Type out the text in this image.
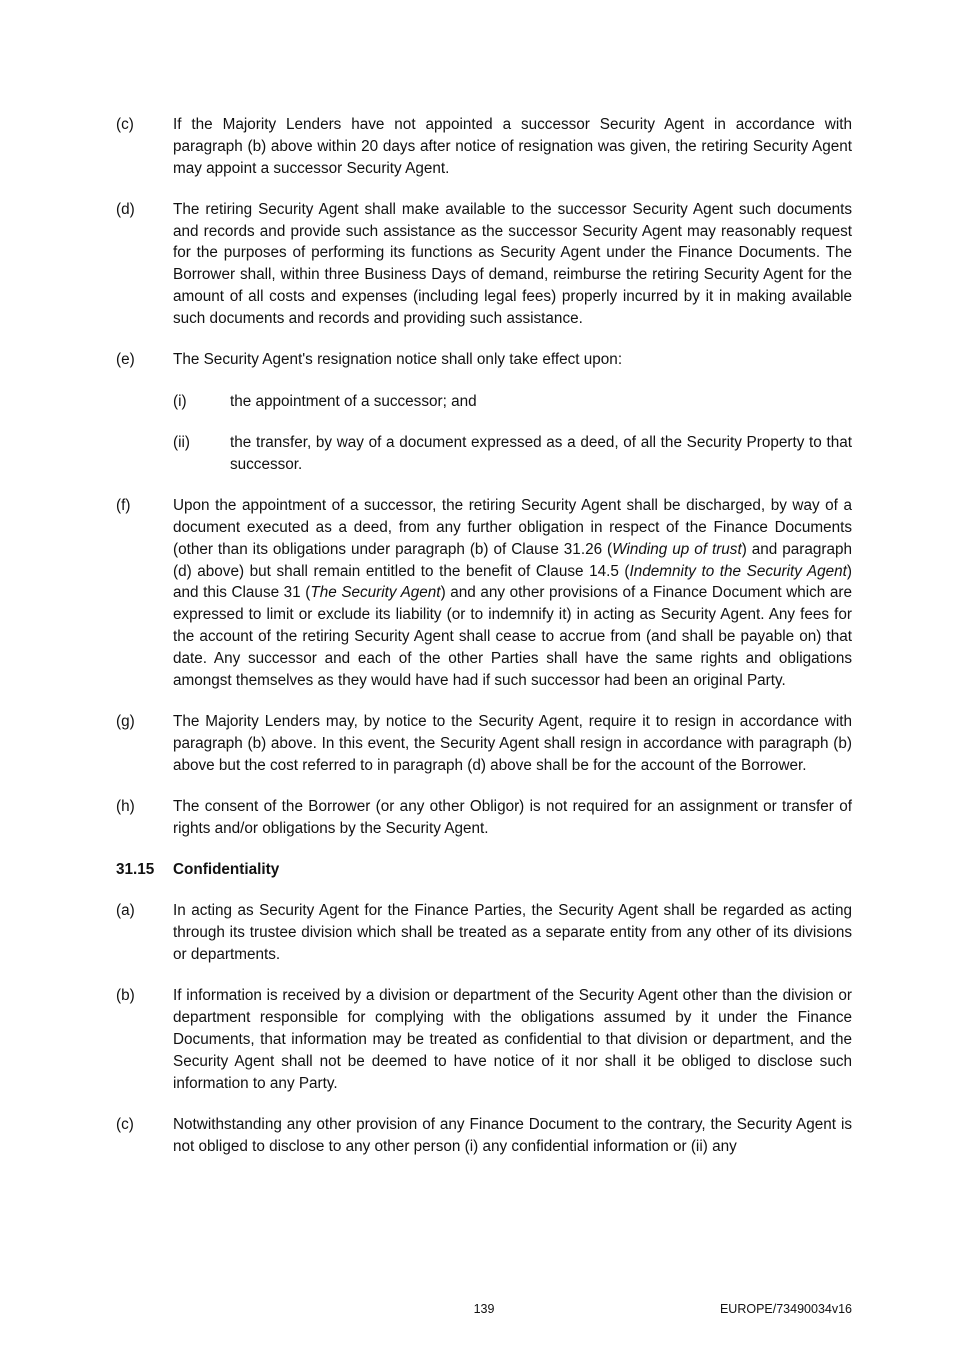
(c)	If the Majority Lenders have not appointed a successor Security Agent in accordance with paragraph (b) above within 20 days after notice of resignation was given, the retiring Security Agent may appoint a successor Security Agent.
(d)	The retiring Security Agent shall make available to the successor Security Agent such documents and records and provide such assistance as the successor Security Agent may reasonably request for the purposes of performing its functions as Security Agent under the Finance Documents. The Borrower shall, within three Business Days of demand, reimburse the retiring Security Agent for the amount of all costs and expenses (including legal fees) properly incurred by it in making available such documents and records and providing such assistance.
(e)	The Security Agent's resignation notice shall only take effect upon:
(i)	the appointment of a successor; and
(ii)	the transfer, by way of a document expressed as a deed, of all the Security Property to that successor.
(f)	Upon the appointment of a successor, the retiring Security Agent shall be discharged, by way of a document executed as a deed, from any further obligation in respect of the Finance Documents (other than its obligations under paragraph (b) of Clause 31.26 (Winding up of trust) and paragraph (d) above) but shall remain entitled to the benefit of Clause 14.5 (Indemnity to the Security Agent) and this Clause 31 (The Security Agent) and any other provisions of a Finance Document which are expressed to limit or exclude its liability (or to indemnify it) in acting as Security Agent. Any fees for the account of the retiring Security Agent shall cease to accrue from (and shall be payable on) that date. Any successor and each of the other Parties shall have the same rights and obligations amongst themselves as they would have had if such successor had been an original Party.
(g)	The Majority Lenders may, by notice to the Security Agent, require it to resign in accordance with paragraph (b) above. In this event, the Security Agent shall resign in accordance with paragraph (b) above but the cost referred to in paragraph (d) above shall be for the account of the Borrower.
(h)	The consent of the Borrower (or any other Obligor) is not required for an assignment or transfer of rights and/or obligations by the Security Agent.
31.15	Confidentiality
(a)	In acting as Security Agent for the Finance Parties, the Security Agent shall be regarded as acting through its trustee division which shall be treated as a separate entity from any other of its divisions or departments.
(b)	If information is received by a division or department of the Security Agent other than the division or department responsible for complying with the obligations assumed by it under the Finance Documents, that information may be treated as confidential to that division or department, and the Security Agent shall not be deemed to have notice of it nor shall it be obliged to disclose such information to any Party.
(c)	Notwithstanding any other provision of any Finance Document to the contrary, the Security Agent is not obliged to disclose to any other person (i) any confidential information or (ii) any
139	EUROPE/73490034v16
